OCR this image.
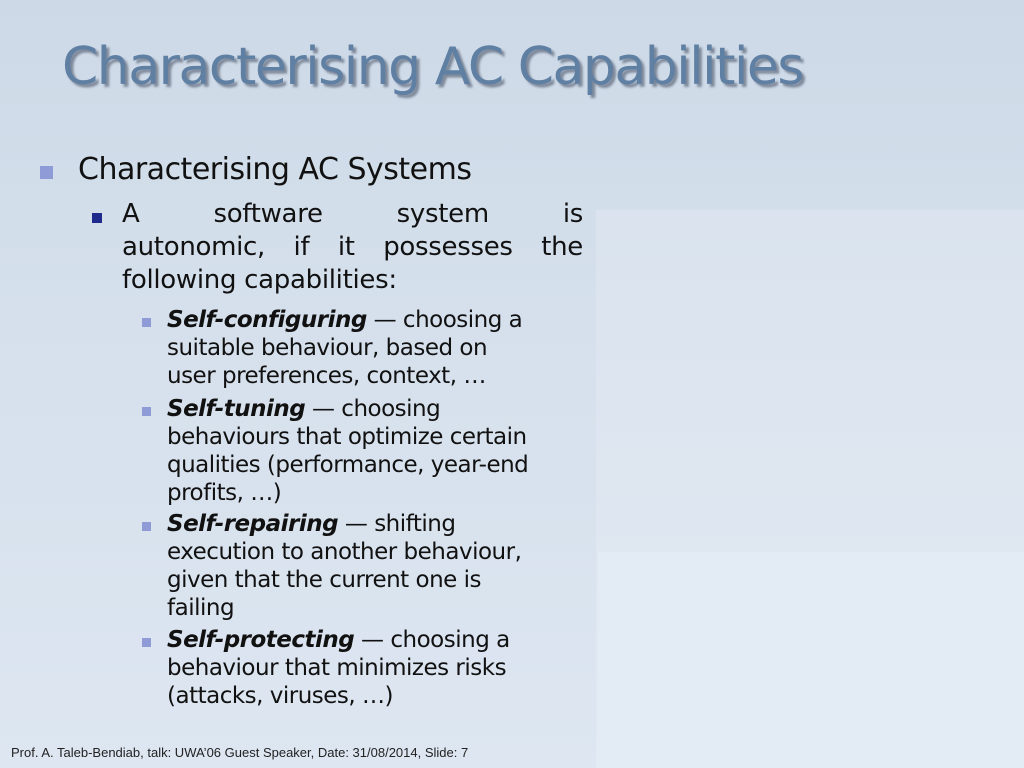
Characterising AC Capabilities
Characterising AC Systems
A	software	system	is
autonomic, if it possesses the
following capabilities:
Self-configuring — choosing a
suitable behaviour, based on
user preferences, context, …
Self-tuning — choosing
behaviours that optimize certain
qualities (performance, year-end
profits, …)
Self-repairing — shifting
execution to another behaviour,
given that the current one is
failing
Self-protecting — choosing a
behaviour that minimizes risks
(attacks, viruses, …)
Prof. A. Taleb-Bendiab, talk: UWA’06 Guest Speaker, Date: 31/08/2014, Slide: 7
